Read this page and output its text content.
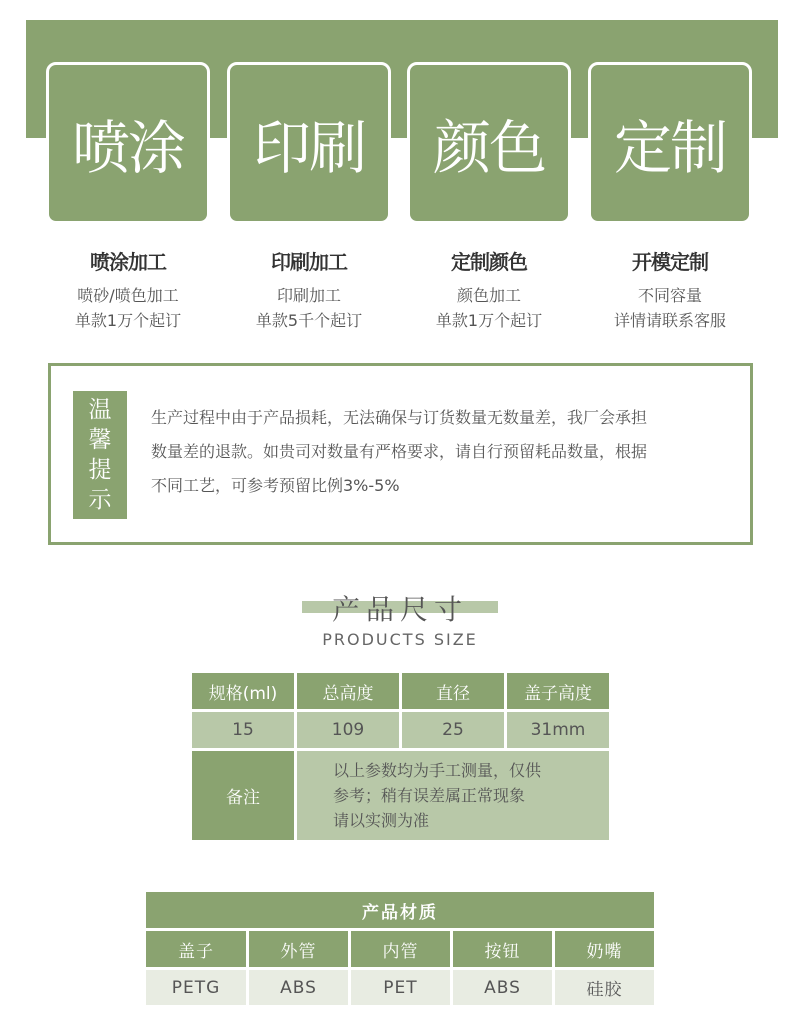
喷涂	印刷	颜色	定制
喷涂加工
喷砂/喷色加工
单款1万个起订
印刷加工
印刷加工
单款5千个起订
定制颜色
颜色加工
单款1万个起订
开模定制
不同容量
详情请联系客服
温
馨
提
示
生产过程中由于产品损耗，无法确保与订货数量无数量差，我厂会承担
数量差的退款。如贵司对数量有严格要求，请自行预留耗品数量，根据
不同工艺，可参考预留比例3%-5%
产品尺寸
PRODUCTS SIZE
规格(ml)	总高度	直径	盖子高度
15	109	25	31mm
备注
以上参数均为手工测量，仅供
参考；稍有误差属正常现象
请以实测为准
产品材质
盖子	外管	内管	按钮	奶嘴
PETG	ABS	PET	ABS	硅胶
